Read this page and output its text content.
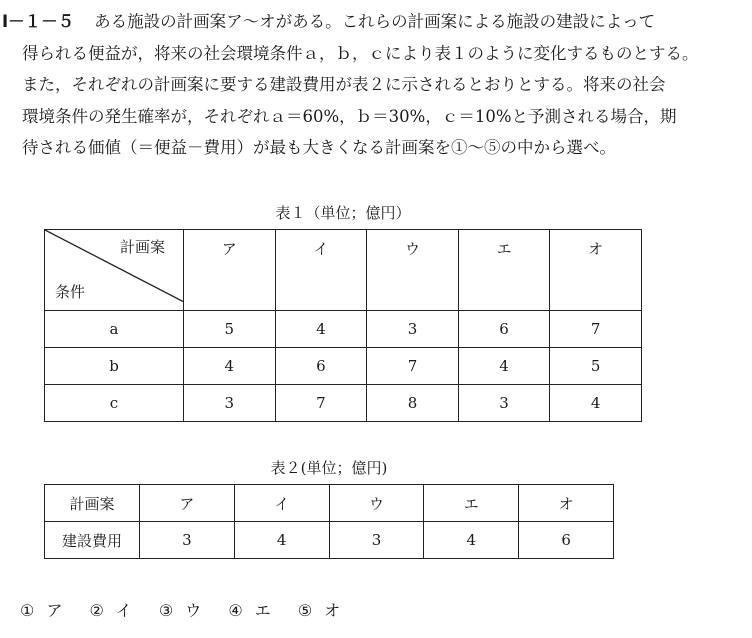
Ⅰ－１－５ ある施設の計画案ア～オがある。これらの計画案による施設の建設によって
得られる便益が，将来の社会環境条件ａ，ｂ，ｃにより表１のように変化するものとする。
また，それぞれの計画案に要する建設費用が表２に示されるとおりとする。将来の社会
環境条件の発生確率が，それぞれａ＝60%，ｂ＝30%，ｃ＝10%と予測される場合，期
待される価値（＝便益－費用）が最も大きくなる計画案を①～⑤の中から選べ。
表１（単位；億円）
計画案
条件	ア	イ	ウ	エ	オ
a	5	4	3	6	7
b	4	6	7	4	5
c	3	7	8	3	4
表２(単位；億円)
計画案	ア	イ	ウ	エ	オ
建設費用	3	4	3	4	6
① ア ② イ ③ ウ ④ エ ⑤ オ
